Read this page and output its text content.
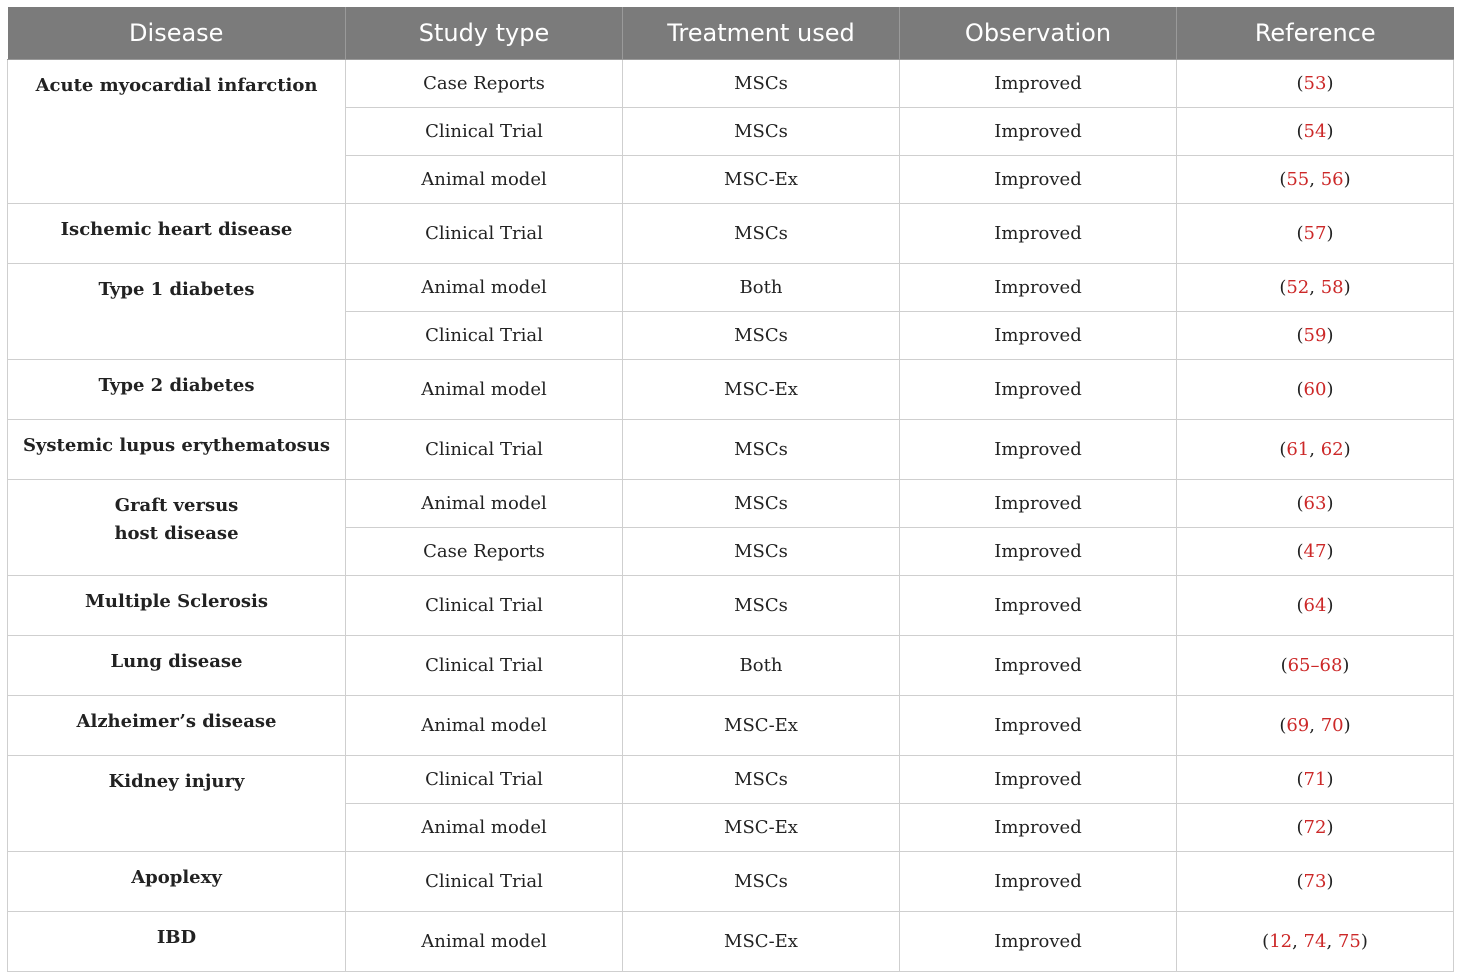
Disease	Study type	Treatment used	Observation	Reference

Acute myocardial infarction	Case Reports	MSCs	Improved	(53)
	Clinical Trial	MSCs	Improved	(54)
	Animal model	MSC-Ex	Improved	(55, 56)

Ischemic heart disease	Clinical Trial	MSCs	Improved	(57)

Type 1 diabetes	Animal model	Both	Improved	(52, 58)
	Clinical Trial	MSCs	Improved	(59)

Type 2 diabetes	Animal model	MSC-Ex	Improved	(60)

Systemic lupus erythematosus	Clinical Trial	MSCs	Improved	(61, 62)

Graft versus
host disease	Animal model	MSCs	Improved	(63)
	Case Reports	MSCs	Improved	(47)

Multiple Sclerosis	Clinical Trial	MSCs	Improved	(64)

Lung disease	Clinical Trial	Both	Improved	(65–68)

Alzheimer’s disease	Animal model	MSC-Ex	Improved	(69, 70)

Kidney injury	Clinical Trial	MSCs	Improved	(71)
	Animal model	MSC-Ex	Improved	(72)

Apoplexy	Clinical Trial	MSCs	Improved	(73)

IBD	Animal model	MSC-Ex	Improved	(12, 74, 75)
